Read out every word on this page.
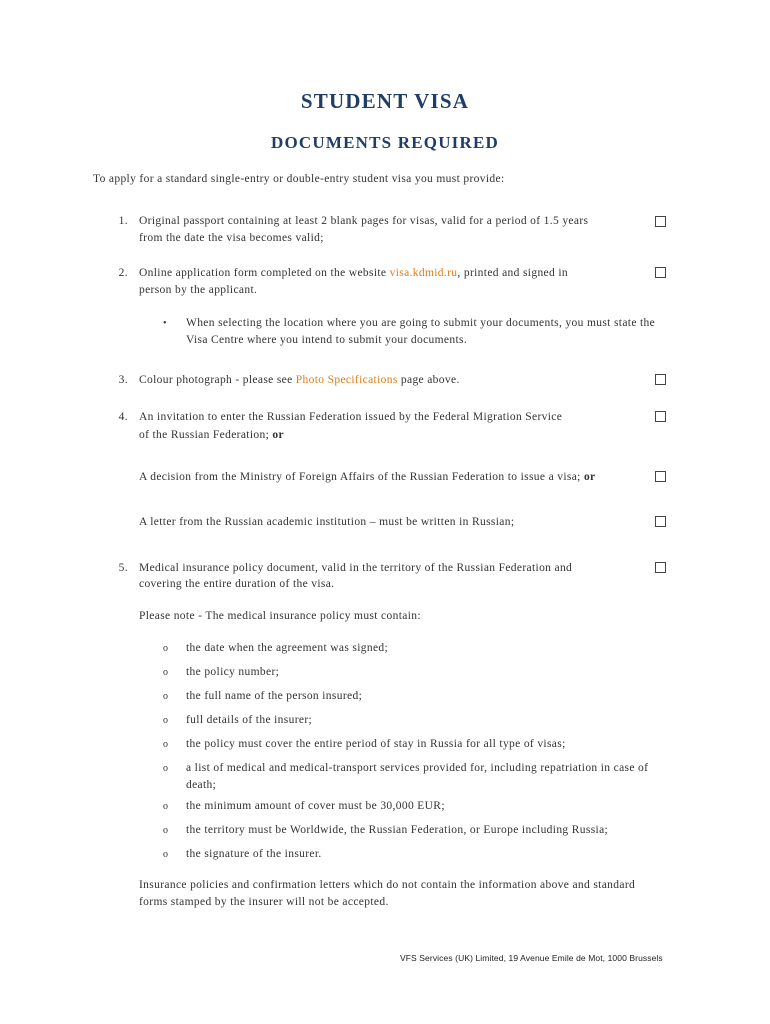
STUDENT VISA
DOCUMENTS REQUIRED
To apply for a standard single-entry or double-entry student visa you must provide:
1. Original passport containing at least 2 blank pages for visas, valid for a period of 1.5 years
from the date the visa becomes valid;
2. Online application form completed on the website visa.kdmid.ru, printed and signed in
person by the applicant.
• When selecting the location where you are going to submit your documents, you must state the Visa Centre where you intend to submit your documents.
3. Colour photograph - please see Photo Specifications page above.
4. An invitation to enter the Russian Federation issued by the Federal Migration Service
of the Russian Federation; or
A decision from the Ministry of Foreign Affairs of the Russian Federation to issue a visa; or
A letter from the Russian academic institution – must be written in Russian;
5. Medical insurance policy document, valid in the territory of the Russian Federation and
covering the entire duration of the visa.
Please note - The medical insurance policy must contain:
o the date when the agreement was signed;
o the policy number;
o the full name of the person insured;
o full details of the insurer;
o the policy must cover the entire period of stay in Russia for all type of visas;
o a list of medical and medical-transport services provided for, including repatriation in case of death;
o the minimum amount of cover must be 30,000 EUR;
o the territory must be Worldwide, the Russian Federation, or Europe including Russia;
o the signature of the insurer.
Insurance policies and confirmation letters which do not contain the information above and standard forms stamped by the insurer will not be accepted.
VFS Services (UK) Limited, 19 Avenue Emile de Mot, 1000 Brussels
